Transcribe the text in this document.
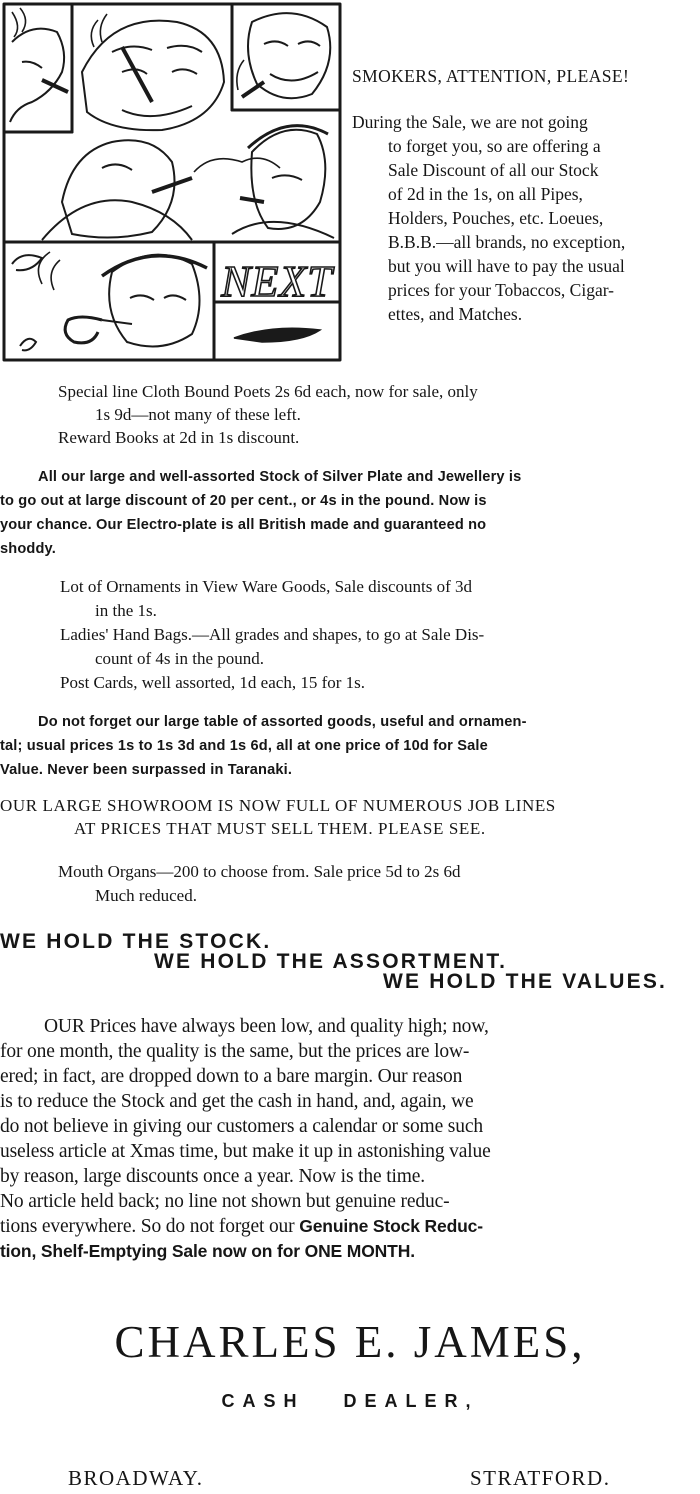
NEXT
SMOKERS, ATTENTION, PLEASE!
During the Sale, we are not going
to forget you, so are offering a
Sale Discount of all our Stock
of 2d in the 1s, on all Pipes,
Holders, Pouches, etc. Loeues,
B.B.B.—all brands, no exception,
but you will have to pay the usual
prices for your Tobaccos, Cigar-
ettes, and Matches.
Special line Cloth Bound Poets 2s 6d each, now for sale, only
1s 9d—not many of these left.
Reward Books at 2d in 1s discount.
All our large and well-assorted Stock of Silver Plate and Jewellery is
to go out at large discount of 20 per cent., or 4s in the pound. Now is
your chance. Our Electro-plate is all British made and guaranteed no
shoddy.
Lot of Ornaments in View Ware Goods, Sale discounts of 3d
in the 1s.
Ladies' Hand Bags.—All grades and shapes, to go at Sale Dis-
count of 4s in the pound.
Post Cards, well assorted, 1d each, 15 for 1s.
Do not forget our large table of assorted goods, useful and ornamen-
tal; usual prices 1s to 1s 3d and 1s 6d, all at one price of 10d for Sale
Value. Never been surpassed in Taranaki.
OUR LARGE SHOWROOM IS NOW FULL OF NUMEROUS JOB LINES
AT PRICES THAT MUST SELL THEM. PLEASE SEE.
Mouth Organs—200 to choose from. Sale price 5d to 2s 6d
Much reduced.
WE HOLD THE STOCK.
WE HOLD THE ASSORTMENT.
WE HOLD THE VALUES.
OUR Prices have always been low, and quality high; now,
for one month, the quality is the same, but the prices are low-
ered; in fact, are dropped down to a bare margin. Our reason
is to reduce the Stock and get the cash in hand, and, again, we
do not believe in giving our customers a calendar or some such
useless article at Xmas time, but make it up in astonishing value
by reason, large discounts once a year. Now is the time.
No article held back; no line not shown but genuine reduc-
tions everywhere. So do not forget our Genuine Stock Reduc-
tion, Shelf-Emptying Sale now on for ONE MONTH.
CHARLES E. JAMES,
CASH DEALER,
BROADWAY.	STRATFORD.
